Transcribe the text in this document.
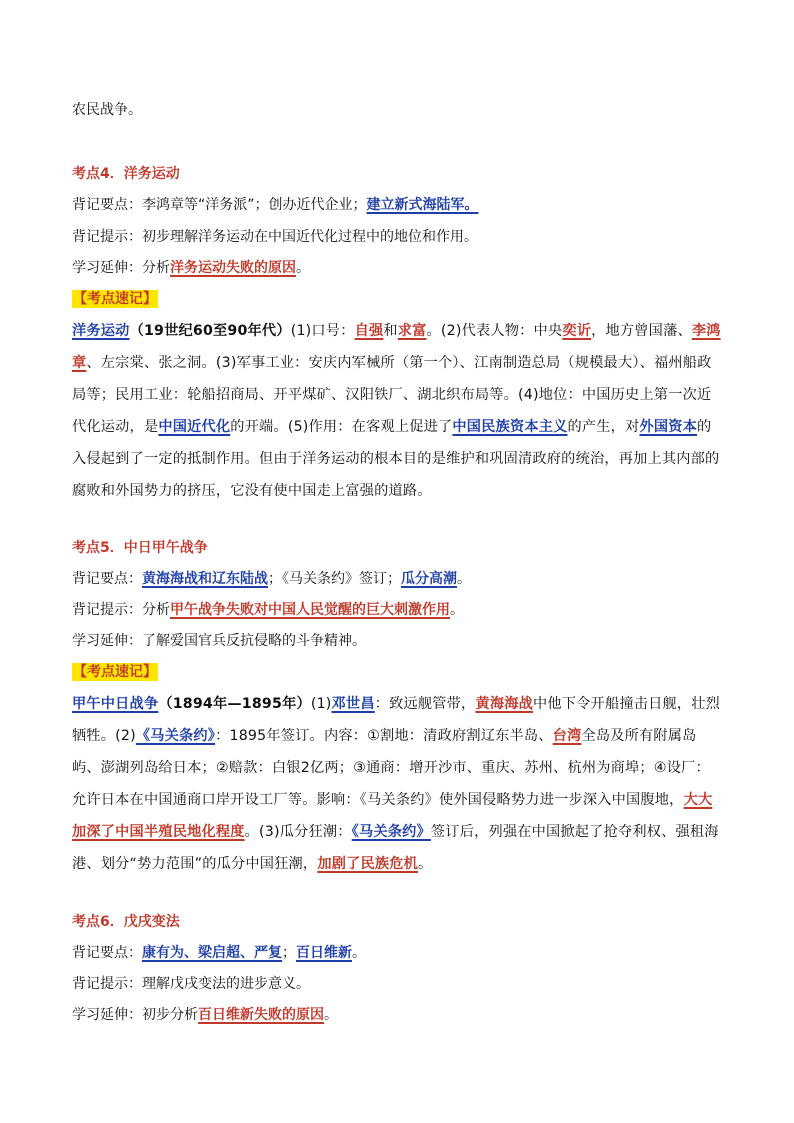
农民战争。
考点4．洋务运动
背记要点：李鸿章等“洋务派”；创办近代企业；建立新式海陆军。
背记提示：初步理解洋务运动在中国近代化过程中的地位和作用。
学习延伸：分析洋务运动失败的原因。
【考点速记】
洋务运动（19世纪60至90年代）(1)口号：自强和求富。(2)代表人物：中央奕䜣，地方曾国藩、李鸿章、左宗棠、张之洞。(3)军事工业：安庆内军械所（第一个）、江南制造总局（规模最大）、福州船政局等；民用工业：轮船招商局、开平煤矿、汉阳铁厂、湖北织布局等。(4)地位：中国历史上第一次近代化运动，是中国近代化的开端。(5)作用：在客观上促进了中国民族资本主义的产生，对外国资本的入侵起到了一定的抵制作用。但由于洋务运动的根本目的是维护和巩固清政府的统治，再加上其内部的腐败和外国势力的挤压，它没有使中国走上富强的道路。
考点5．中日甲午战争
背记要点：黄海海战和辽东陆战；《马关条约》签订；瓜分高潮。
背记提示：分析甲午战争失败对中国人民觉醒的巨大刺激作用。
学习延伸：了解爱国官兵反抗侵略的斗争精神。
【考点速记】
甲午中日战争（1894年—1895年）(1)邓世昌：致远舰管带，黄海海战中他下令开船撞击日舰，壮烈牺牲。(2)《马关条约》：1895年签订。内容：①割地：清政府割辽东半岛、台湾全岛及所有附属岛屿、澎湖列岛给日本；②赔款：白银2亿两；③通商：增开沙市、重庆、苏州、杭州为商埠；④设厂：允许日本在中国通商口岸开设工厂等。影响：《马关条约》使外国侵略势力进一步深入中国腹地，大大加深了中国半殖民地化程度。(3)瓜分狂潮：《马关条约》签订后，列强在中国掀起了抢夺利权、强租海港、划分“势力范围”的瓜分中国狂潮，加剧了民族危机。
考点6．戊戌变法
背记要点：康有为、梁启超、严复；百日维新。
背记提示：理解戊戌变法的进步意义。
学习延伸：初步分析百日维新失败的原因。
